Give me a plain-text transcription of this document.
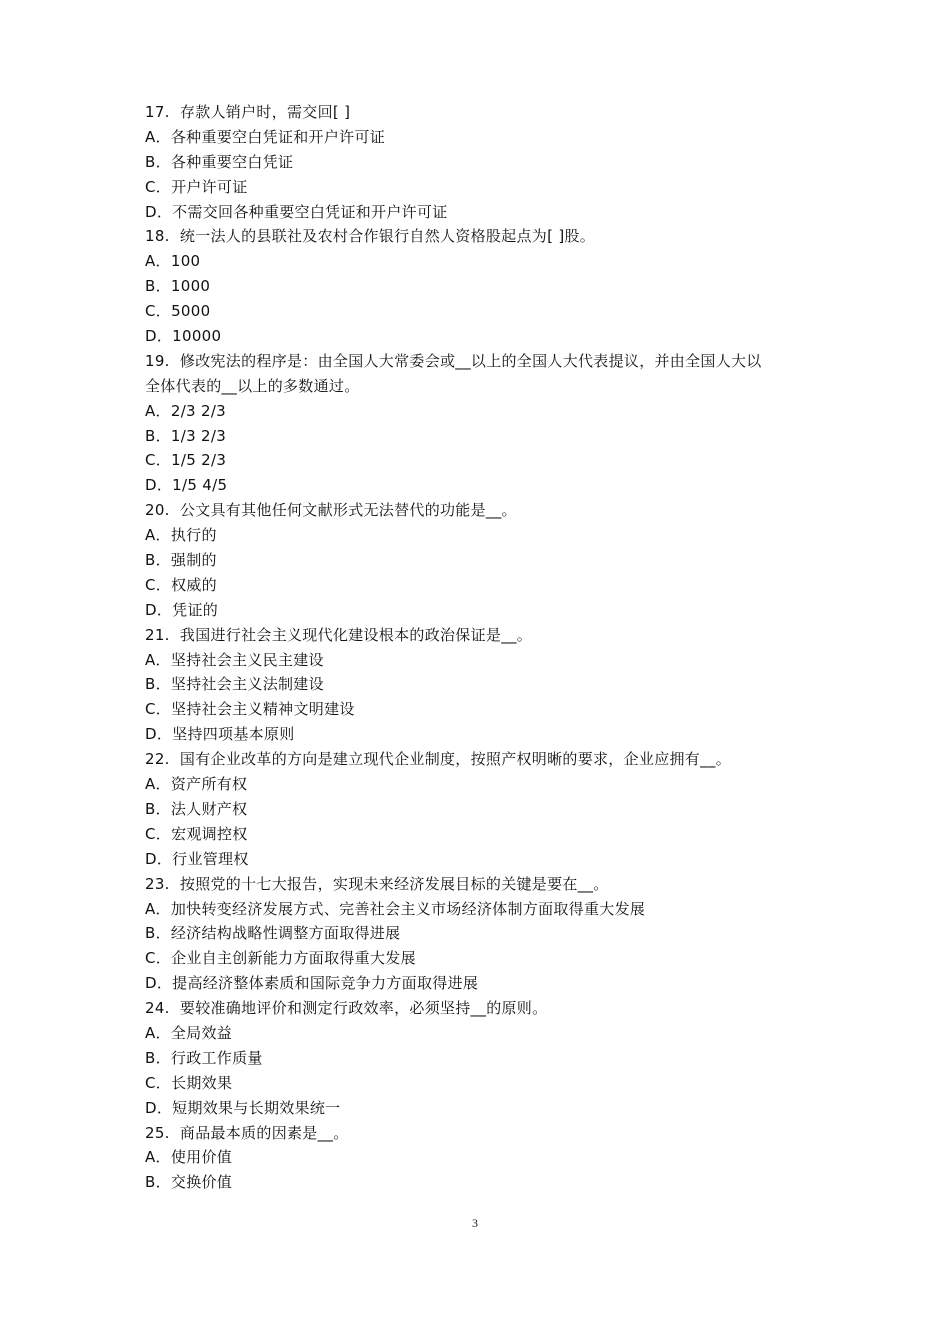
17.  存款人销户时，需交回[ ]
A．各种重要空白凭证和开户许可证
B．各种重要空白凭证
C．开户许可证
D．不需交回各种重要空白凭证和开户许可证
18.  统一法人的县联社及农村合作银行自然人资格股起点为[ ]股。
A．100
B．1000
C．5000
D．10000
19.  修改宪法的程序是：由全国人大常委会或__以上的全国人大代表提议，并由全国人大以
全体代表的__以上的多数通过。
A．2/3 2/3
B．1/3 2/3
C．1/5 2/3
D．1/5 4/5
20.  公文具有其他任何文献形式无法替代的功能是__。
A．执行的
B．强制的
C．权威的
D．凭证的
21.  我国进行社会主义现代化建设根本的政治保证是__。
A．坚持社会主义民主建设
B．坚持社会主义法制建设
C．坚持社会主义精神文明建设
D．坚持四项基本原则
22.  国有企业改革的方向是建立现代企业制度，按照产权明晰的要求，企业应拥有__。
A．资产所有权
B．法人财产权
C．宏观调控权
D．行业管理权
23.  按照党的十七大报告，实现未来经济发展目标的关键是要在__。
A．加快转变经济发展方式、完善社会主义市场经济体制方面取得重大发展
B．经济结构战略性调整方面取得进展
C．企业自主创新能力方面取得重大发展
D．提高经济整体素质和国际竞争力方面取得进展
24.  要较准确地评价和测定行政效率，必须坚持__的原则。
A．全局效益
B．行政工作质量
C．长期效果
D．短期效果与长期效果统一
25.  商品最本质的因素是__。
A．使用价值
B．交换价值
3
